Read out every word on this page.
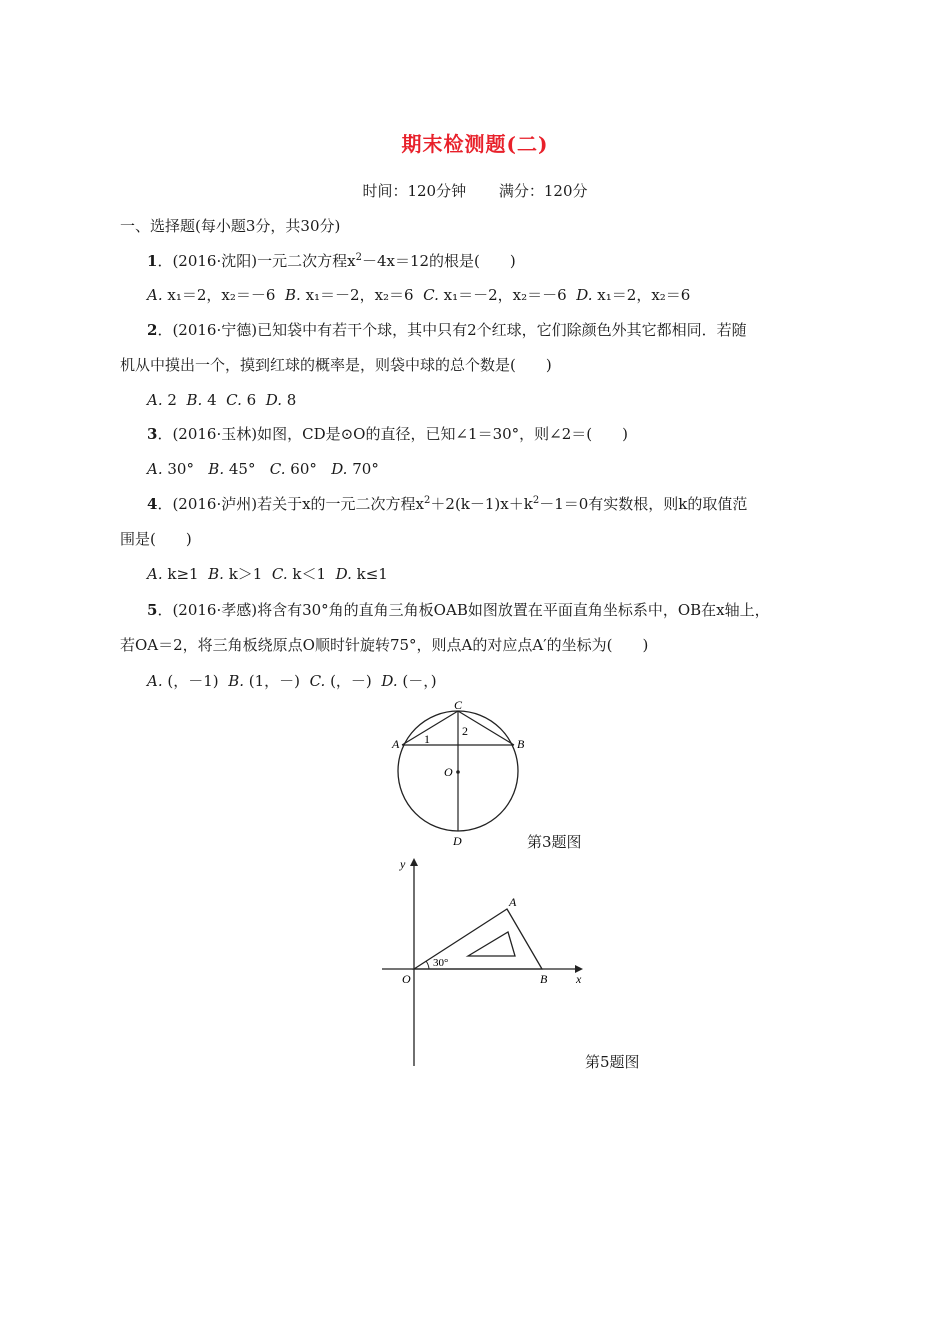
期末检测题(二)
时间：120分钟 满分：120分
一、选择题(每小题3分，共30分)
1．(2016·沈阳)一元二次方程$x^2-4x=12$的根是(　　)
A. x₁＝2，x₂＝－6 B. x₁＝－2，x₂＝6 C. x₁＝－2，x₂＝－6 D. x₁＝2，x₂＝6
2．(2016·宁德)已知袋中有若干个球，其中只有2个红球，它们除颜色外其它都相同．若随
机从中摸出一个，摸到红球的概率是，则袋中球的总个数是(　　)
A. 2 B. 4 C. 6 D. 8
3．(2016·玉林)如图，CD是⊙O的直径，已知∠1＝30°，则∠2＝(　　)
A. 30° B. 45° C. 60° D. 70°
4．(2016·泸州)若关于x的一元二次方程$x^2+2(k-1)x+k^2-1=0$有实数根，则k的取值范
围是(　　)
A. k≥1 B. k＞1 C. k＜1 D. k≤1
5．(2016·孝感)将含有30°角的直角三角板OAB如图放置在平面直角坐标系中，OB在x轴上，
若OA＝2，将三角板绕原点O顺时针旋转75°，则点A的对应点A′的坐标为(　　)
A. (，－1) B. (1，－) C. (，－) D. (－，)
C
A	B
O
D
1
2
第3题图
30°
y
x
O
A
B
第5题图
